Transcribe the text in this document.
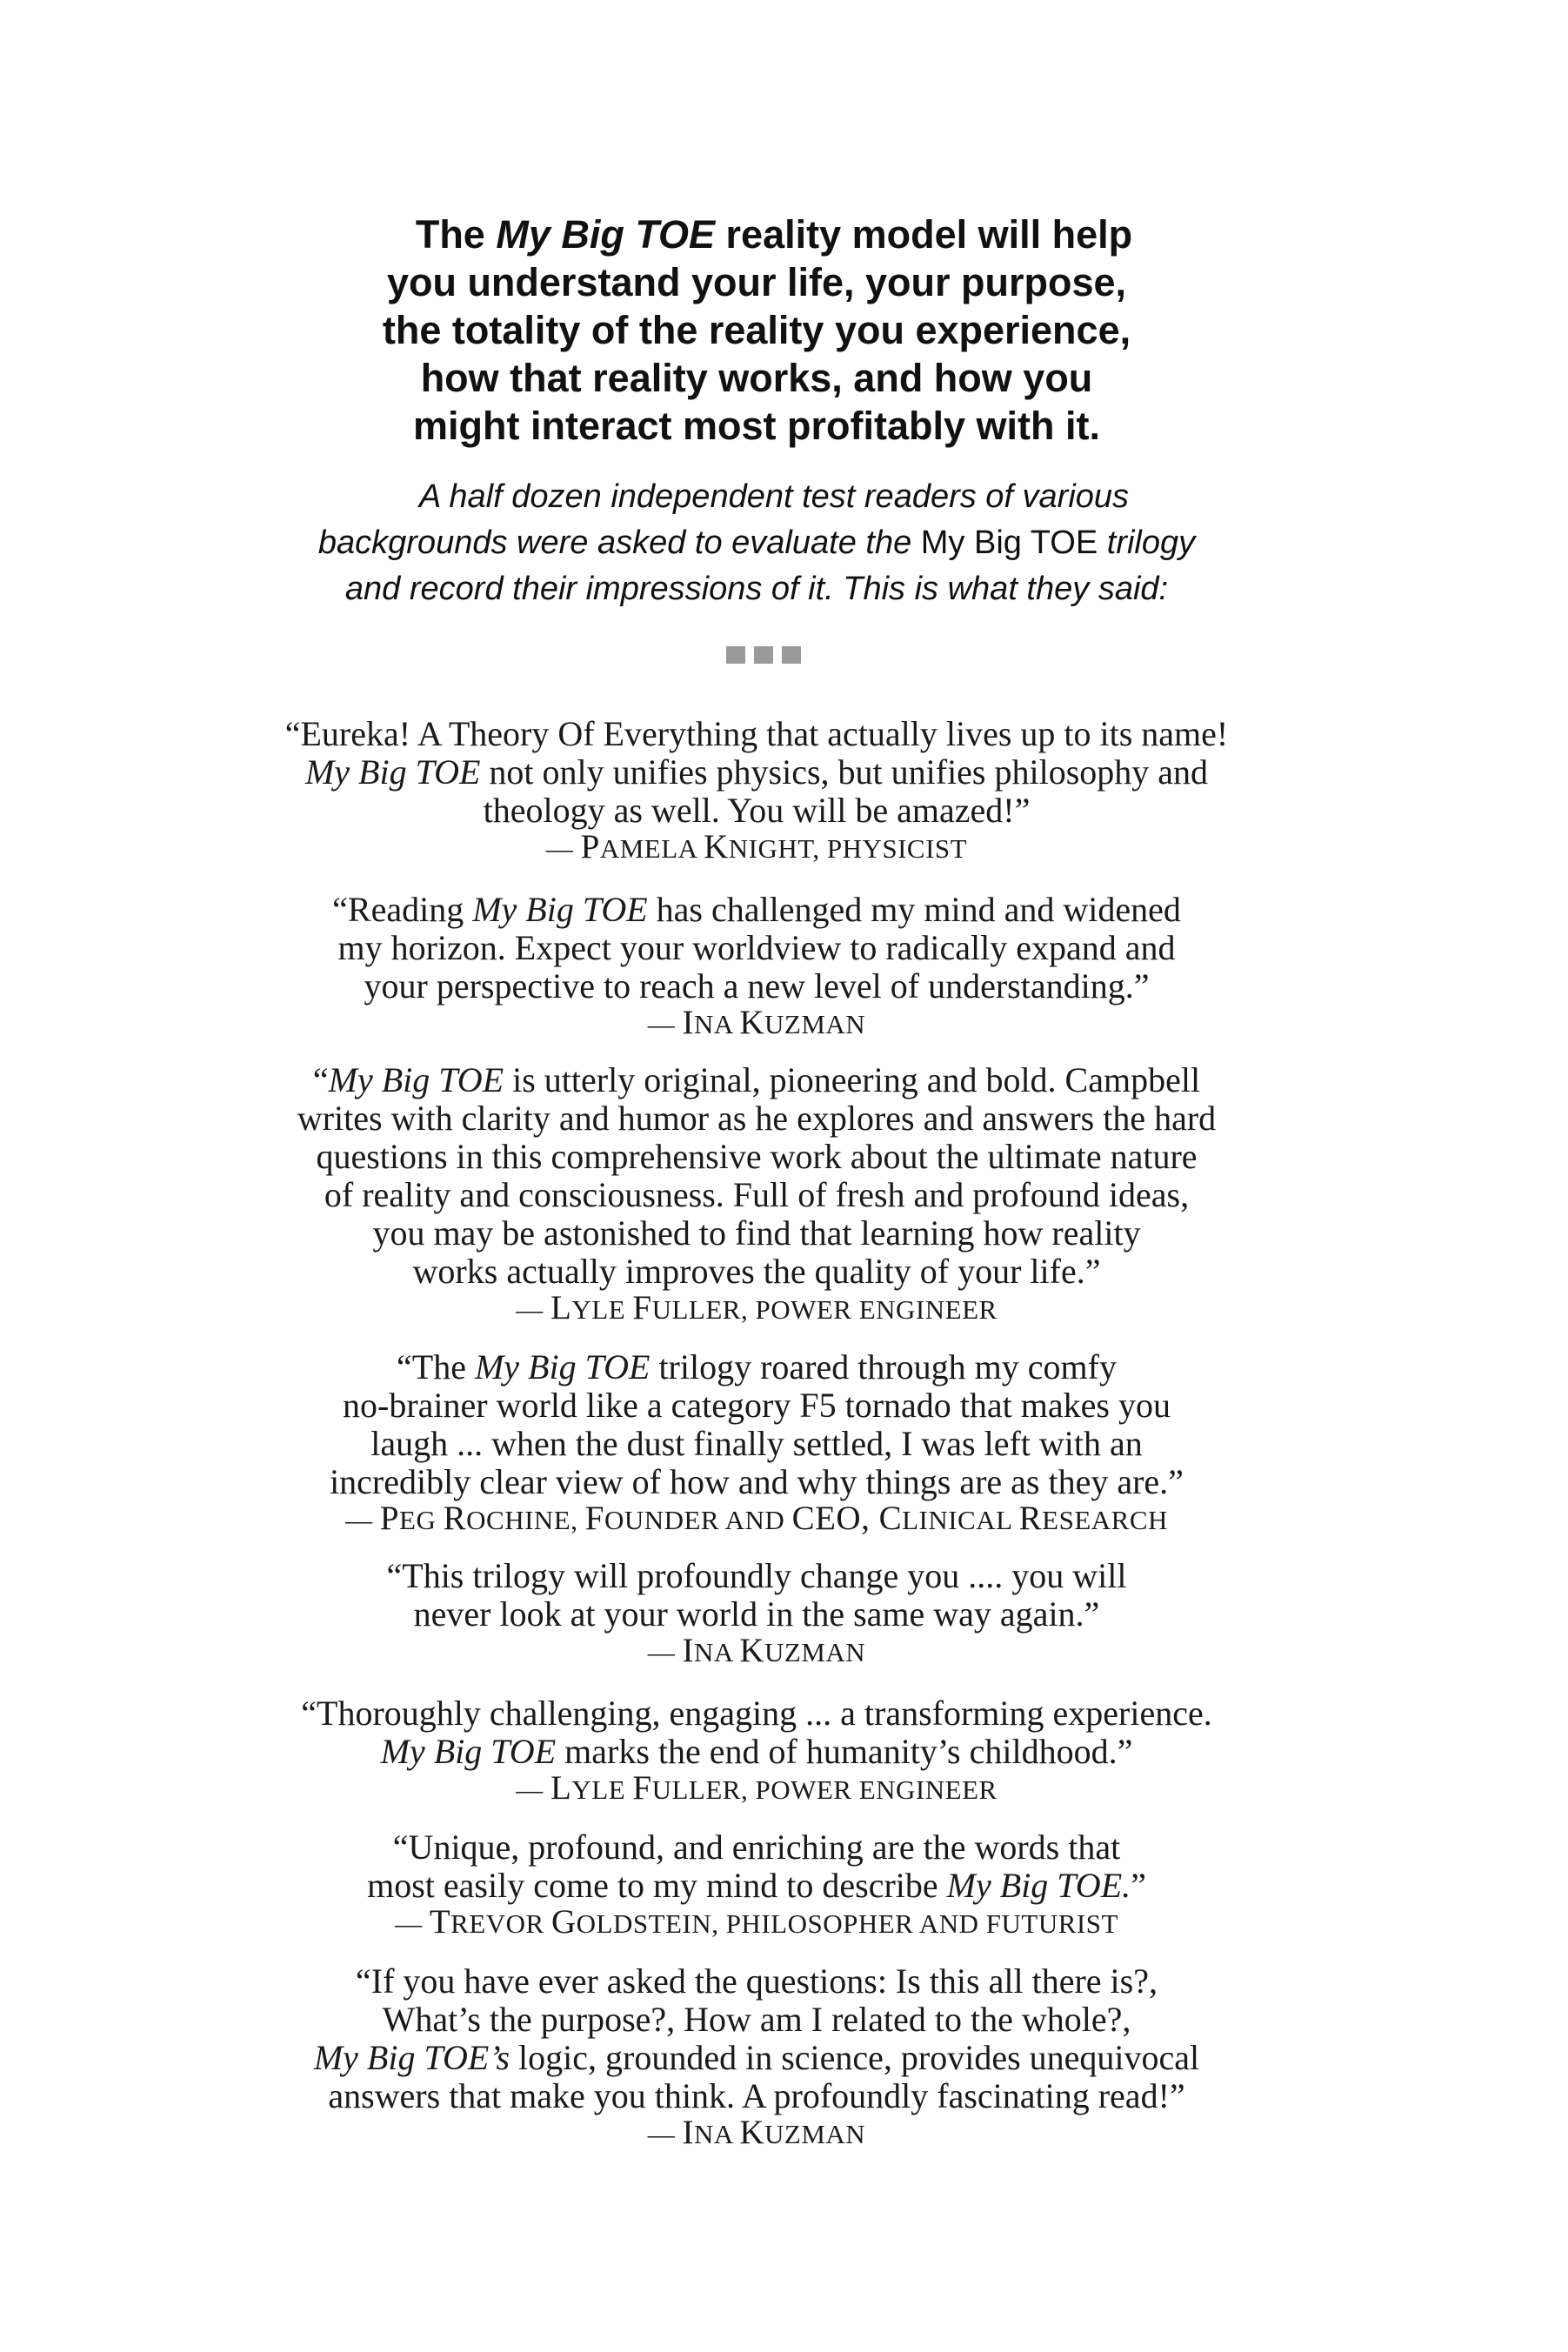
The My Big TOE reality model will help
you understand your life, your purpose,
the totality of the reality you experience,
how that reality works, and how you
might interact most profitably with it.

A half dozen independent test readers of various
backgrounds were asked to evaluate the My Big TOE trilogy
and record their impressions of it. This is what they said:

“Eureka! A Theory Of Everything that actually lives up to its name!
My Big TOE not only unifies physics, but unifies philosophy and
theology as well. You will be amazed!”
— PAMELA KNIGHT, PHYSICIST
“Reading My Big TOE has challenged my mind and widened
my horizon. Expect your worldview to radically expand and
your perspective to reach a new level of understanding.”
— INA KUZMAN
“My Big TOE is utterly original, pioneering and bold. Campbell
writes with clarity and humor as he explores and answers the hard
questions in this comprehensive work about the ultimate nature
of reality and consciousness. Full of fresh and profound ideas,
you may be astonished to find that learning how reality
works actually improves the quality of your life.”
— LYLE FULLER, POWER ENGINEER
“The My Big TOE trilogy roared through my comfy
no-brainer world like a category F5 tornado that makes you
laugh ... when the dust finally settled, I was left with an
incredibly clear view of how and why things are as they are.”
— PEG ROCHINE, FOUNDER AND CEO, CLINICAL RESEARCH
“This trilogy will profoundly change you .... you will
never look at your world in the same way again.”
— INA KUZMAN
“Thoroughly challenging, engaging ... a transforming experience.
My Big TOE marks the end of humanity’s childhood.”
— LYLE FULLER, POWER ENGINEER
“Unique, profound, and enriching are the words that
most easily come to my mind to describe My Big TOE.”
— TREVOR GOLDSTEIN, PHILOSOPHER AND FUTURIST
“If you have ever asked the questions: Is this all there is?,
What’s the purpose?, How am I related to the whole?,
My Big TOE’s logic, grounded in science, provides unequivocal
answers that make you think. A profoundly fascinating read!”
— INA KUZMAN
